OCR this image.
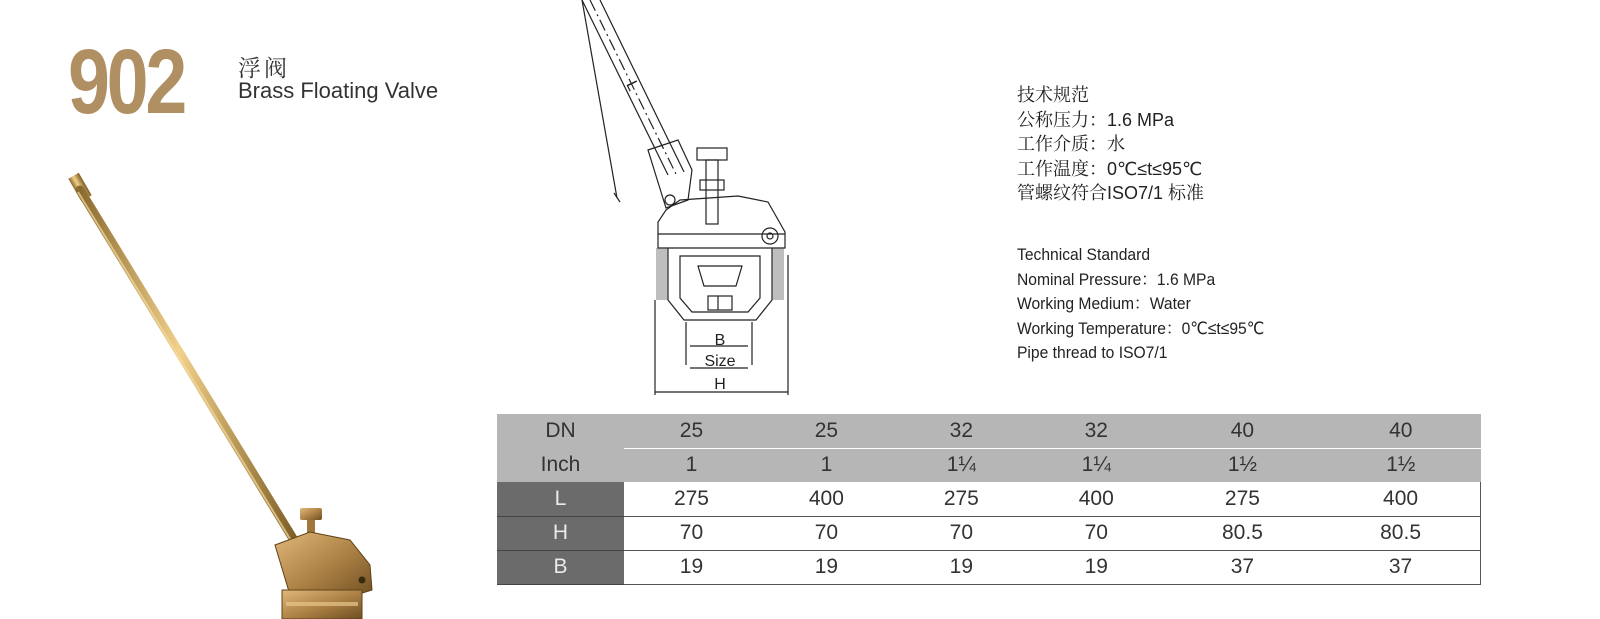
902 浮阀
Brass Floating Valve	L
B
Size
H
技术规范
公称压力：1.6 MPa
工作介质：水
工作温度：0℃≤t≤95℃
管螺纹符合ISO7/1 标准
Technical Standard
Nominal Pressure：1.6 MPa
Working Medium：Water
Working Temperature：0℃≤t≤95℃
Pipe thread to ISO7/1
DN	25	25	32	32	40	40
Inch	1	1	1¼	1¼	1½	1½
L	275	400	275	400	275	400
H	70	70	70	70	80.5	80.5
B	19	19	19	19	37	37
